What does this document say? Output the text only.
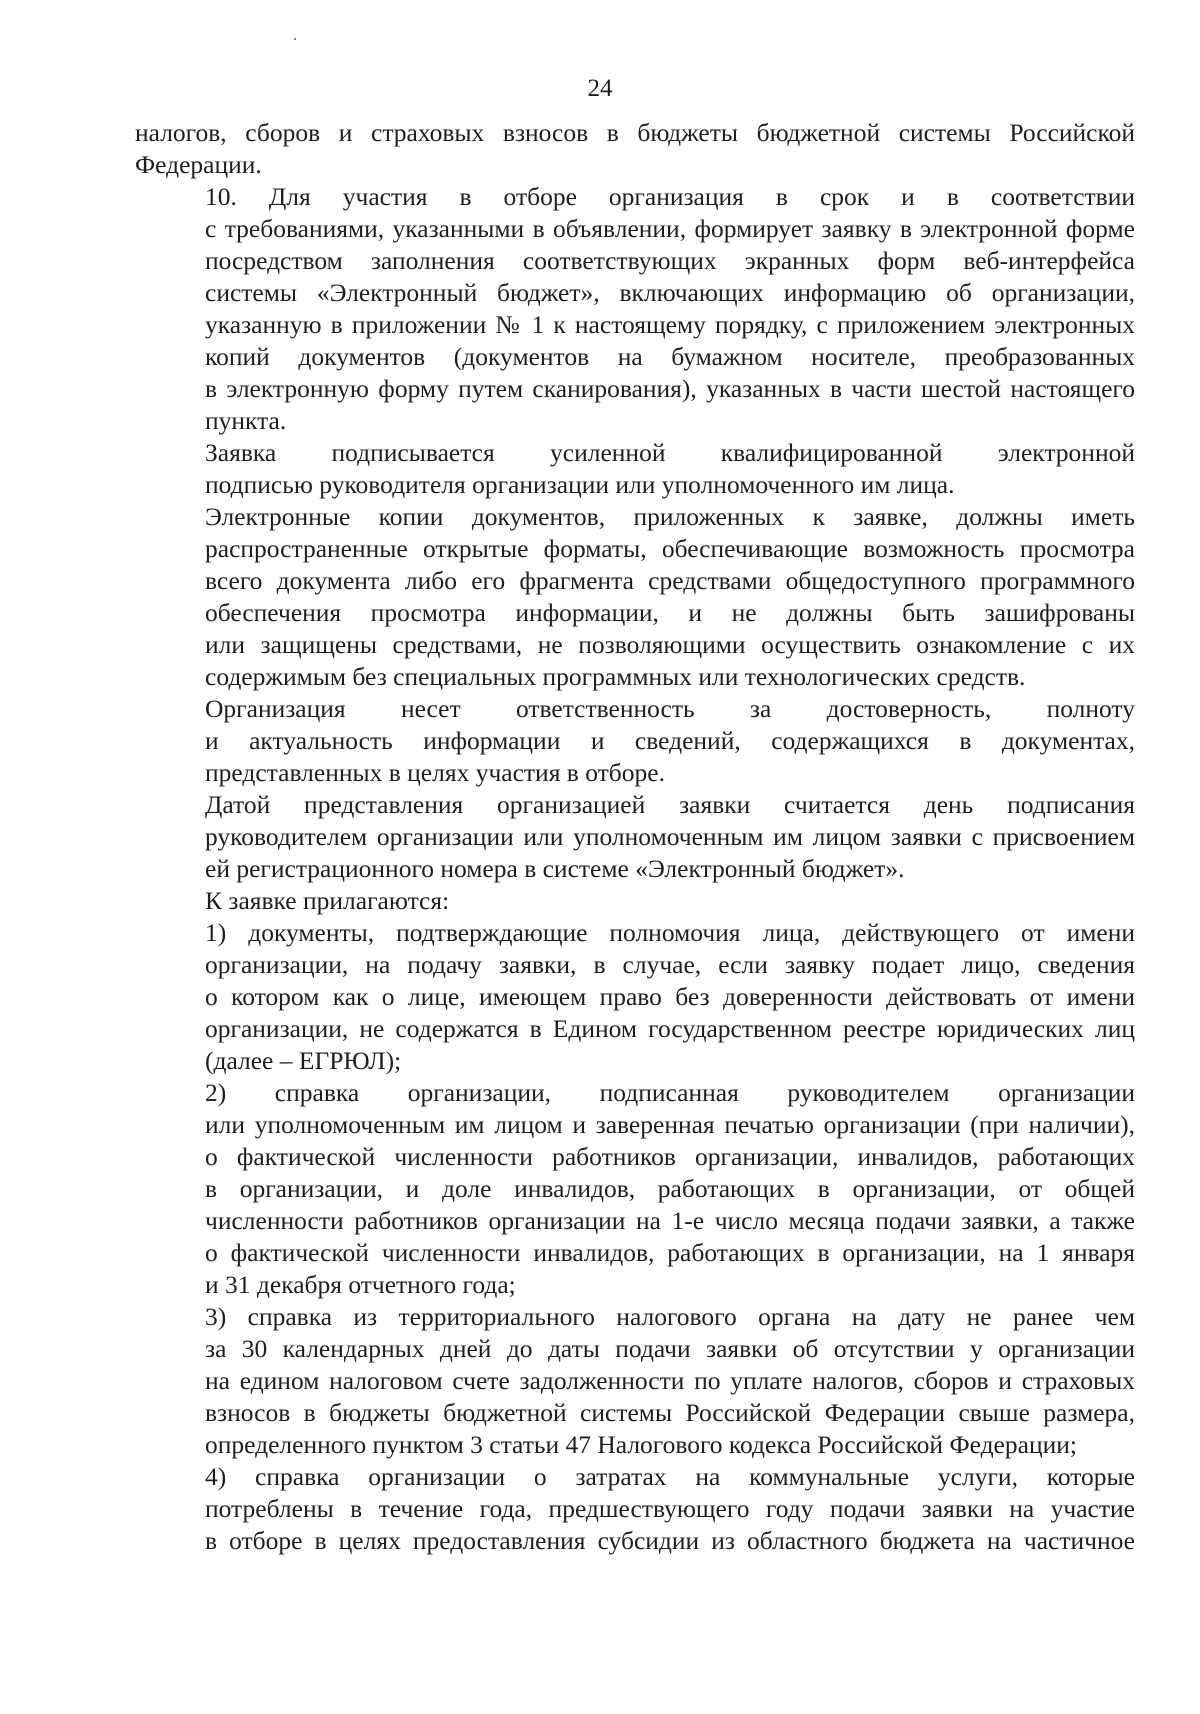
24

налогов, сборов и страховых взносов в бюджеты бюджетной системы Российской
Федерации.

10. Для участия в отборе организация в срок и в соответствии
с требованиями, указанными в объявлении, формирует заявку в электронной форме
посредством заполнения соответствующих экранных форм веб-интерфейса
системы «Электронный бюджет», включающих информацию об организации,
указанную в приложении № 1 к настоящему порядку, с приложением электронных
копий документов (документов на бумажном носителе, преобразованных
в электронную форму путем сканирования), указанных в части шестой настоящего
пункта.

Заявка подписывается усиленной квалифицированной электронной
подписью руководителя организации или уполномоченного им лица.

Электронные копии документов, приложенных к заявке, должны иметь
распространенные открытые форматы, обеспечивающие возможность просмотра
всего документа либо его фрагмента средствами общедоступного программного
обеспечения просмотра информации, и не должны быть зашифрованы
или защищены средствами, не позволяющими осуществить ознакомление с их
содержимым без специальных программных или технологических средств.

Организация несет ответственность за достоверность, полноту
и актуальность информации и сведений, содержащихся в документах,
представленных в целях участия в отборе.

Датой представления организацией заявки считается день подписания
руководителем организации или уполномоченным им лицом заявки с присвоением
ей регистрационного номера в системе «Электронный бюджет».

К заявке прилагаются:

1) документы, подтверждающие полномочия лица, действующего от имени
организации, на подачу заявки, в случае, если заявку подает лицо, сведения
о котором как о лице, имеющем право без доверенности действовать от имени
организации, не содержатся в Едином государственном реестре юридических лиц
(далее – ЕГРЮЛ);

2) справка организации, подписанная руководителем организации
или уполномоченным им лицом и заверенная печатью организации (при наличии),
о фактической численности работников организации, инвалидов, работающих
в организации, и доле инвалидов, работающих в организации, от общей
численности работников организации на 1-е число месяца подачи заявки, а также
о фактической численности инвалидов, работающих в организации, на 1 января
и 31 декабря отчетного года;

3) справка из территориального налогового органа на дату не ранее чем
за 30 календарных дней до даты подачи заявки об отсутствии у организации
на едином налоговом счете задолженности по уплате налогов, сборов и страховых
взносов в бюджеты бюджетной системы Российской Федерации свыше размера,
определенного пунктом 3 статьи 47 Налогового кодекса Российской Федерации;

4) справка организации о затратах на коммунальные услуги, которые
потреблены в течение года, предшествующего году подачи заявки на участие
в отборе в целях предоставления субсидии из областного бюджета на частичное
